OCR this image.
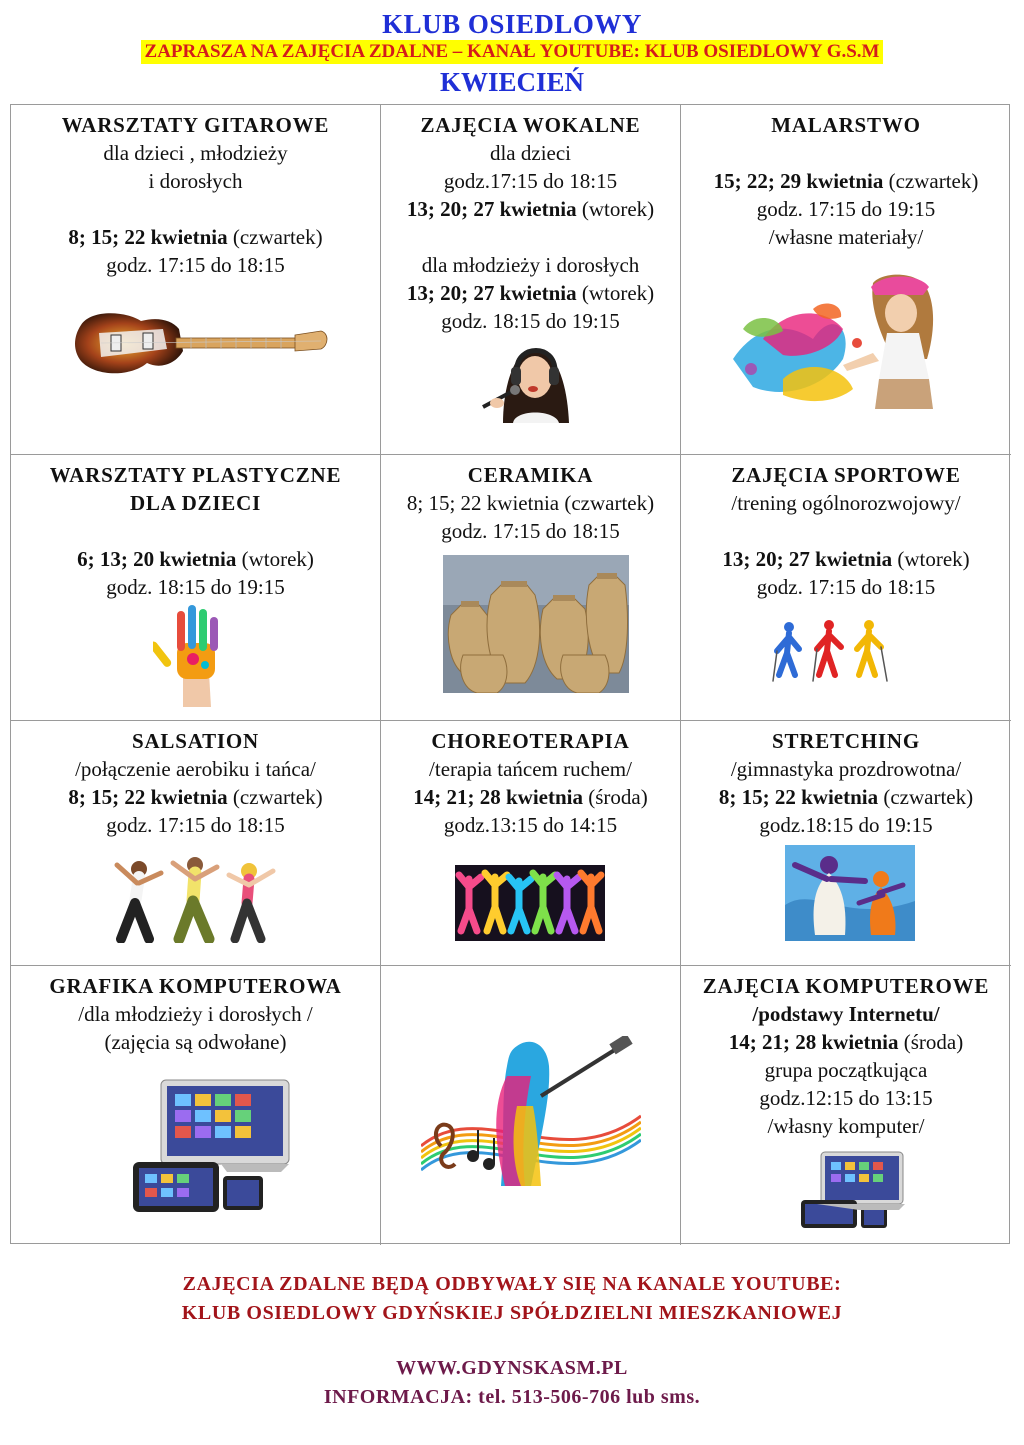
KLUB OSIEDLOWY
ZAPRASZA NA ZAJĘCIA ZDALNE – KANAŁ YOUTUBE: KLUB OSIEDLOWY G.S.M
KWIECIEŃ
WARSZTATY GITAROWE
dla dzieci , młodzieży
i dorosłych
8; 15; 22 kwietnia (czwartek)
godz. 17:15 do 18:15
ZAJĘCIA WOKALNE
dla dzieci
godz.17:15 do 18:15
13; 20; 27 kwietnia (wtorek)
dla młodzieży i dorosłych
13; 20; 27 kwietnia (wtorek)
godz. 18:15 do 19:15
MALARSTWO
15; 22; 29 kwietnia (czwartek)
godz. 17:15 do 19:15
/własne materiały/
WARSZTATY PLASTYCZNE
DLA DZIECI
6; 13; 20 kwietnia (wtorek)
godz. 18:15 do 19:15
CERAMIKA
8; 15; 22 kwietnia (czwartek)
godz. 17:15 do 18:15
ZAJĘCIA SPORTOWE
/trening ogólnorozwojowy/
13; 20; 27 kwietnia (wtorek)
godz. 17:15 do 18:15
SALSATION
/połączenie aerobiku i tańca/
8; 15; 22 kwietnia (czwartek)
godz. 17:15 do 18:15
CHOREOTERAPIA
/terapia tańcem ruchem/
14; 21; 28 kwietnia (środa)
godz.13:15 do 14:15
STRETCHING
/gimnastyka prozdrowotna/
8; 15; 22 kwietnia (czwartek)
godz.18:15 do 19:15
GRAFIKA KOMPUTEROWA
/dla młodzieży i dorosłych /
(zajęcia są odwołane)
ZAJĘCIA KOMPUTEROWE
/podstawy Internetu/
14; 21; 28 kwietnia (środa)
grupa początkująca
godz.12:15 do 13:15
/własny komputer/
ZAJĘCIA ZDALNE BĘDĄ ODBYWAŁY SIĘ NA KANALE YOUTUBE:
KLUB OSIEDLOWY GDYŃSKIEJ SPÓŁDZIELNI MIESZKANIOWEJ
WWW.GDYNSKASM.PL
INFORMACJA: tel. 513-506-706 lub sms.
